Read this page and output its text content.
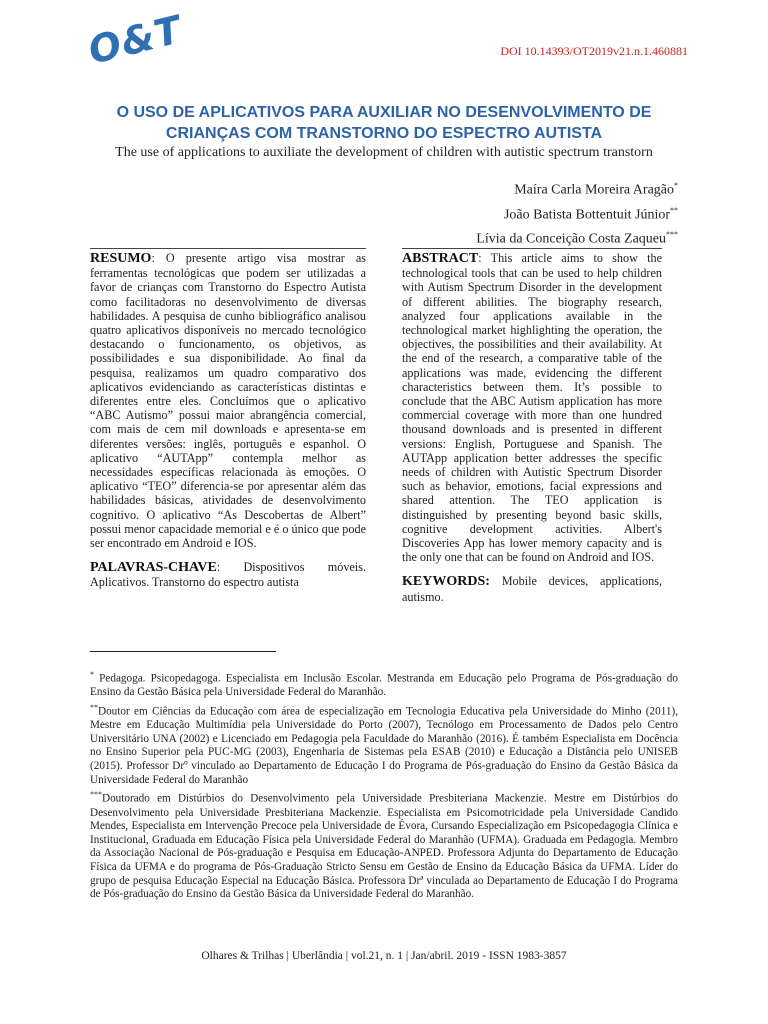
O&T	DOI 10.14393/OT2019v21.n.1.460881
O USO DE APLICATIVOS PARA AUXILIAR NO DESENVOLVIMENTO DE CRIANÇAS COM TRANSTORNO DO ESPECTRO AUTISTA
The use of applications to auxiliate the development of children with autistic spectrum transtorn
Maíra Carla Moreira Aragão*
João Batista Bottentuit Júnior**
Lívia da Conceição Costa Zaqueu***
RESUMO: O presente artigo visa mostrar as ferramentas tecnológicas que podem ser utilizadas a favor de crianças com Transtorno do Espectro Autista como facilitadoras no desenvolvimento de diversas habilidades. A pesquisa de cunho bibliográfico analisou quatro aplicativos disponíveis no mercado tecnológico destacando o funcionamento, os objetivos, as possibilidades e sua disponibilidade. Ao final da pesquisa, realizamos um quadro comparativo dos aplicativos evidenciando as características distintas e diferentes entre eles. Concluímos que o aplicativo “ABC Autismo” possui maior abrangência comercial, com mais de cem mil downloads e apresenta-se em diferentes versões: inglês, português e espanhol. O aplicativo “AUTApp” contempla melhor as necessidades específicas relacionada às emoções. O aplicativo “TEO” diferencia-se por apresentar além das habilidades básicas, atividades de desenvolvimento cognitivo. O aplicativo “As Descobertas de Albert” possui menor capacidade memorial e é o único que pode ser encontrado em Android e IOS.
PALAVRAS-CHAVE: Dispositivos móveis. Aplicativos. Transtorno do espectro autista
ABSTRACT: This article aims to show the technological tools that can be used to help children with Autism Spectrum Disorder in the development of different abilities. The biography research, analyzed four applications available in the technological market highlighting the operation, the objectives, the possibilities and their availability. At the end of the research, a comparative table of the applications was made, evidencing the different characteristics between them. It’s possible to conclude that the ABC Autism application has more commercial coverage with more than one hundred thousand downloads and is presented in different versions: English, Portuguese and Spanish. The AUTApp application better addresses the specific needs of children with Autistic Spectrum Disorder such as behavior, emotions, facial expressions and shared attention. The TEO application is distinguished by presenting beyond basic skills, cognitive development activities. Albert's Discoveries App has lower memory capacity and is the only one that can be found on Android and IOS.
KEYWORDS: Mobile devices, applications, autismo.

* Pedagoga. Psicopedagoga. Especialista em Inclusão Escolar. Mestranda em Educação pelo Programa de Pós-graduação do Ensino da Gestão Básica pela Universidade Federal do Maranhão.

**Doutor em Ciências da Educação com área de especialização em Tecnologia Educativa pela Universidade do Minho (2011), Mestre em Educação Multimídia pela Universidade do Porto (2007), Tecnólogo em Processamento de Dados pelo Centro Universitário UNA (2002) e Licenciado em Pedagogia pela Faculdade do Maranhão (2016). É também Especialista em Docência no Ensino Superior pela PUC-MG (2003), Engenharia de Sistemas pela ESAB (2010) e Educação a Distância pelo UNISEB (2015). Professor Drº vinculado ao Departamento de Educação I do Programa de Pós-graduação do Ensino da Gestão Básica da Universidade Federal do Maranhão

***Doutorado em Distúrbios do Desenvolvimento pela Universidade Presbiteriana Mackenzie. Mestre em Distúrbios do Desenvolvimento pela Universidade Presbiteriana Mackenzie. Especialista em Psicomotricidade pela Universidade Candido Mendes, Especialista em Intervenção Precoce pela Universidade de Évora, Cursando Especialização em Psicopedagogia Clínica e Institucional, Graduada em Educação Física pela Universidade Federal do Maranhão (UFMA). Graduada em Pedagogia. Membro da Associação Nacional de Pós-graduação e Pesquisa em Educação-ANPED. Professora Adjunta do Departamento de Educação Física da UFMA e do programa de Pós-Graduação Stricto Sensu em Gestão de Ensino da Educação Básica da UFMA. Líder do grupo de pesquisa Educação Especial na Educação Básica. Professora Drª vinculada ao Departamento de Educação I do Programa de Pós-graduação do Ensino da Gestão Básica da Universidade Federal do Maranhão.

Olhares & Trilhas | Uberlândia | vol.21, n. 1 | Jan/abril. 2019 - ISSN 1983-3857
